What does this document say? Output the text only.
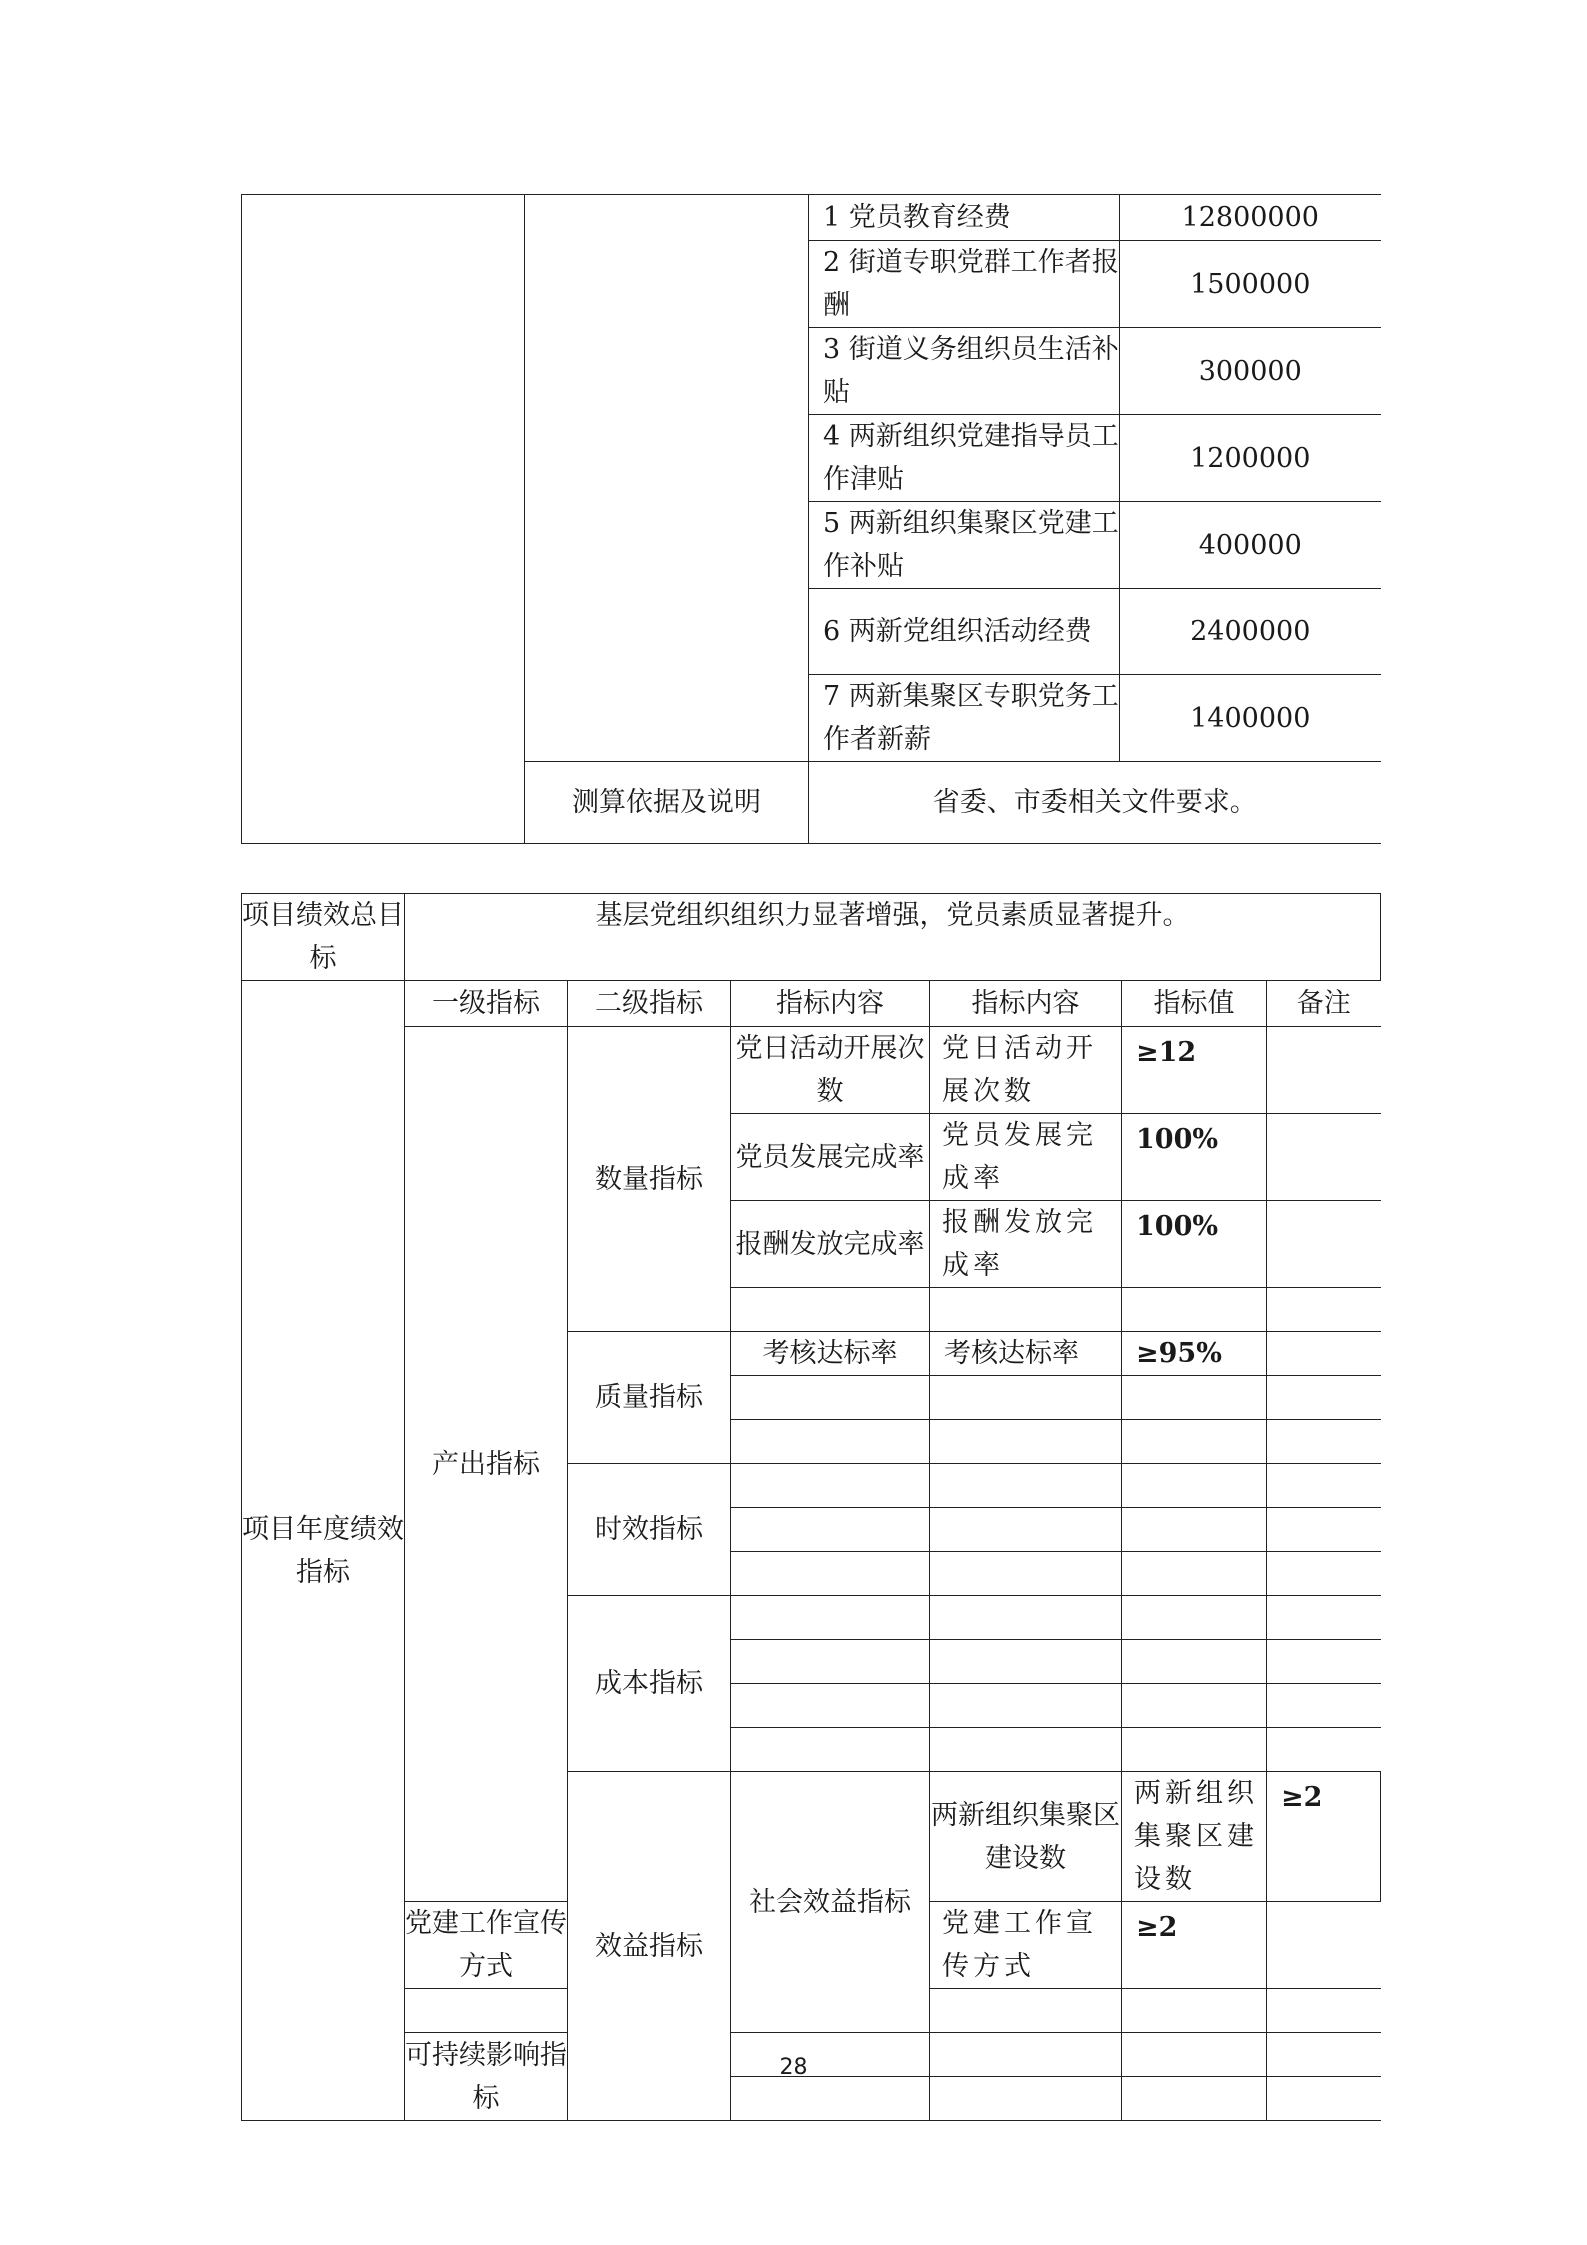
		1 党员教育经费	12800000
		2 街道专职党群工作者报酬	1500000
		3 街道义务组织员生活补贴	300000
		4 两新组织党建指导员工作津贴	1200000
		5 两新组织集聚区党建工作补贴	400000
		6 两新党组织活动经费	2400000
		7 两新集聚区专职党务工作者新薪	1400000
	测算依据及说明	省委、市委相关文件要求。	
项目绩效总目标	基层党组织组织力显著增强，党员素质显著提升。						
项目年度绩效指标	一级指标	二级指标	指标内容	指标内容	指标值	备注	
	产出指标	数量指标	党日活动开展次数	党日活动开展次数	≥12		
			党员发展完成率	党员发展完成率	100%		
			报酬发放完成率	报酬发放完成率	100%		

		质量指标	考核达标率	考核达标率	≥95%		

		时效指标					

		成本指标					

		效益指标	社会效益指标	两新组织集聚区建设数	两新组织集聚区建设数	≥2	
	党建工作宣传方式			党建工作宣传方式	≥2		

	可持续影响指标						

28
